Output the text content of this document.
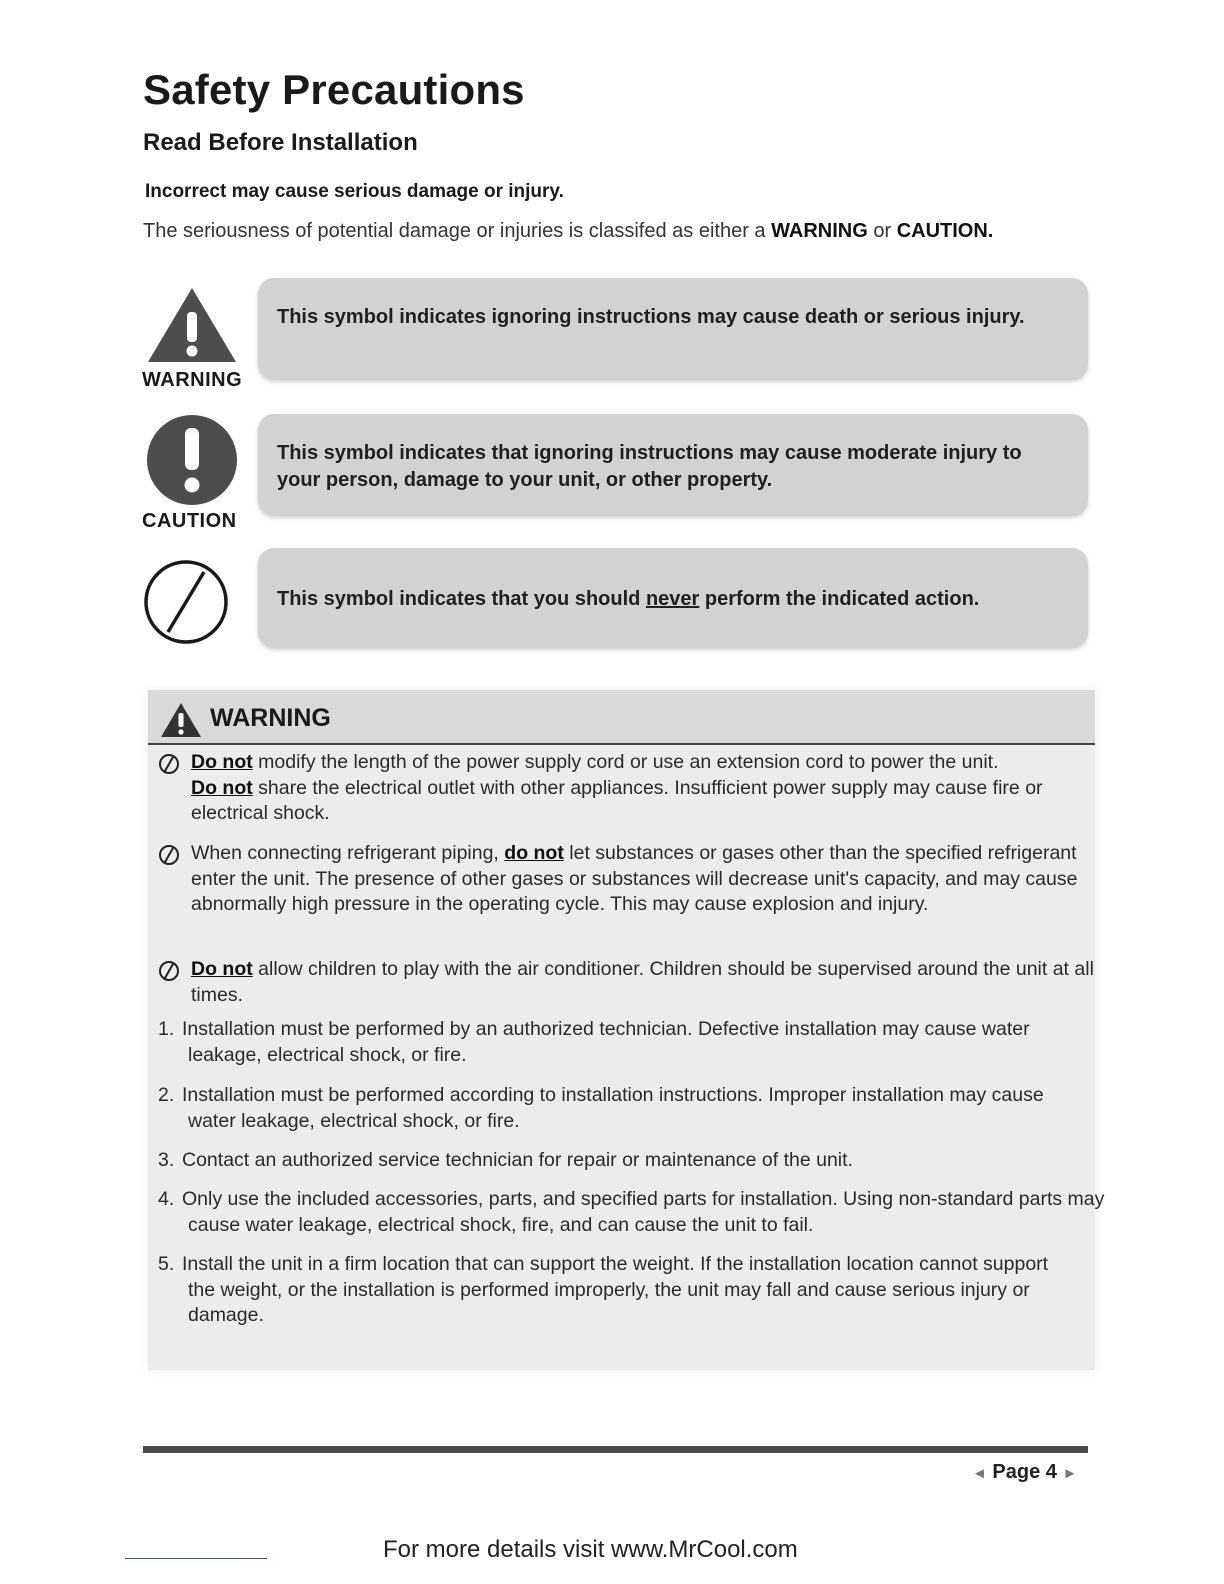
Safety Precautions
Read Before Installation
Incorrect may cause serious damage or injury.
The seriousness of potential damage or injuries is classifed as either a WARNING or CAUTION.
WARNING
This symbol indicates ignoring instructions may cause death or serious injury.
CAUTION
This symbol indicates that ignoring instructions may cause moderate injury to your person, damage to your unit, or other property.
This symbol indicates that you should never perform the indicated action.
WARNING
Do not modify the length of the power supply cord or use an extension cord to power the unit.
Do not share the electrical outlet with other appliances. Insufficient power supply may cause fire or electrical shock.
When connecting refrigerant piping, do not let substances or gases other than the specified refrigerant enter the unit. The presence of other gases or substances will decrease unit's capacity, and may cause abnormally high pressure in the operating cycle. This may cause explosion and injury.
Do not allow children to play with the air conditioner. Children should be supervised around the unit at all times.
1. Installation must be performed by an authorized technician. Defective installation may cause water leakage, electrical shock, or fire.
2. Installation must be performed according to installation instructions. Improper installation may cause water leakage, electrical shock, or fire.
3. Contact an authorized service technician for repair or maintenance of the unit.
4. Only use the included accessories, parts, and specified parts for installation. Using non-standard parts may cause water leakage, electrical shock, fire, and can cause the unit to fail.
5. Install the unit in a firm location that can support the weight. If the installation location cannot support the weight, or the installation is performed improperly, the unit may fall and cause serious injury or damage.
◄ Page 4 ►
For more details visit www.MrCool.com
